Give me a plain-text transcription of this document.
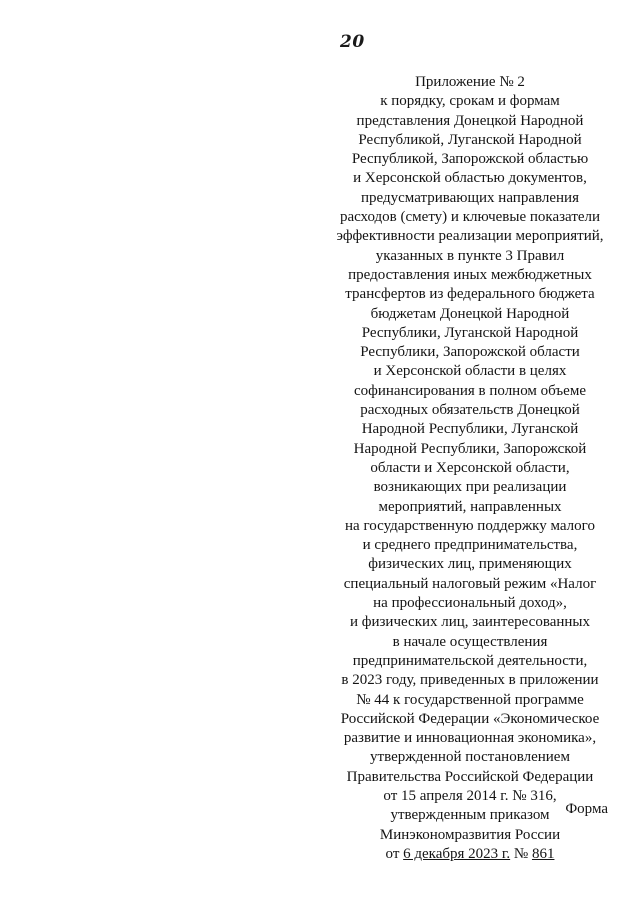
20
Приложение № 2
к порядку, срокам и формам
представления Донецкой Народной
Республикой, Луганской Народной
Республикой, Запорожской областью
и Херсонской областью документов,
предусматривающих направления
расходов (смету) и ключевые показатели
эффективности реализации мероприятий,
указанных в пункте 3 Правил
предоставления иных межбюджетных
трансфертов из федерального бюджета
бюджетам Донецкой Народной
Республики, Луганской Народной
Республики, Запорожской области
и Херсонской области в целях
софинансирования в полном объеме
расходных обязательств Донецкой
Народной Республики, Луганской
Народной Республики, Запорожской
области и Херсонской области,
возникающих при реализации
мероприятий, направленных
на государственную поддержку малого
и среднего предпринимательства,
физических лиц, применяющих
специальный налоговый режим «Налог
на профессиональный доход»,
и физических лиц, заинтересованных
в начале осуществления
предпринимательской деятельности,
в 2023 году, приведенных в приложении
№ 44 к государственной программе
Российской Федерации «Экономическое
развитие и инновационная экономика»,
утвержденной постановлением
Правительства Российской Федерации
от 15 апреля 2014 г. № 316,
утвержденным приказом
Минэкономразвития России
от 6 декабря 2023 г. № 861
Форма
